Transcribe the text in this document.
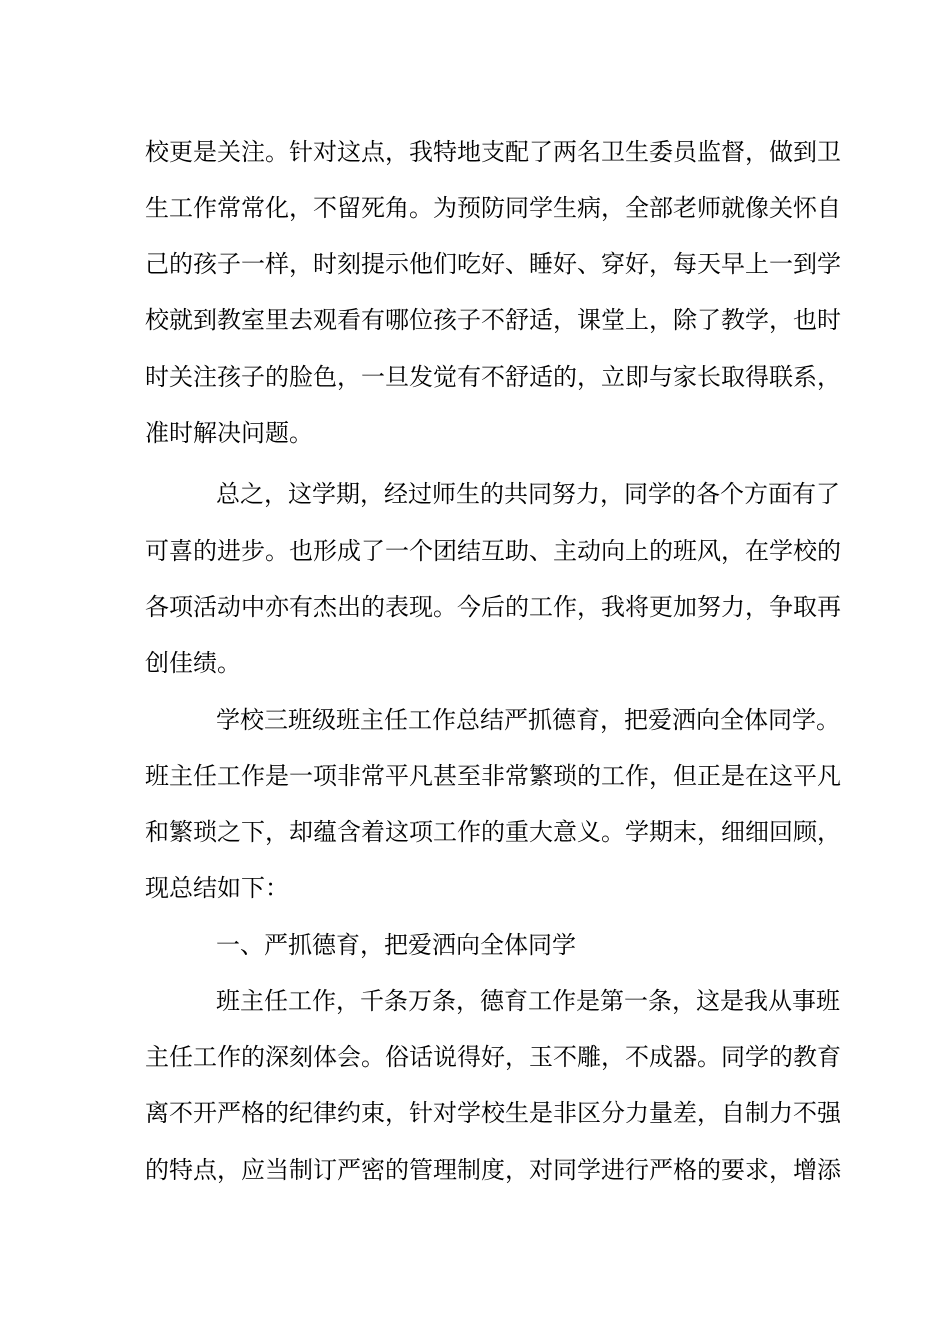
校更是关注。针对这点，我特地支配了两名卫生委员监督，做到卫

生工作常常化，不留死角。为预防同学生病，全部老师就像关怀自

己的孩子一样，时刻提示他们吃好、睡好、穿好，每天早上一到学

校就到教室里去观看有哪位孩子不舒适，课堂上，除了教学，也时

时关注孩子的脸色，一旦发觉有不舒适的，立即与家长取得联系，

准时解决问题。

总之，这学期，经过师生的共同努力，同学的各个方面有了

可喜的进步。也形成了一个团结互助、主动向上的班风，在学校的

各项活动中亦有杰出的表现。今后的工作，我将更加努力，争取再

创佳绩。

学校三班级班主任工作总结严抓德育，把爱洒向全体同学。

班主任工作是一项非常平凡甚至非常繁琐的工作，但正是在这平凡

和繁琐之下，却蕴含着这项工作的重大意义。学期末，细细回顾，

现总结如下：

一、严抓德育，把爱洒向全体同学

班主任工作，千条万条，德育工作是第一条，这是我从事班

主任工作的深刻体会。俗话说得好，玉不雕，不成器。同学的教育

离不开严格的纪律约束，针对学校生是非区分力量差，自制力不强

的特点，应当制订严密的管理制度，对同学进行严格的要求，增添
